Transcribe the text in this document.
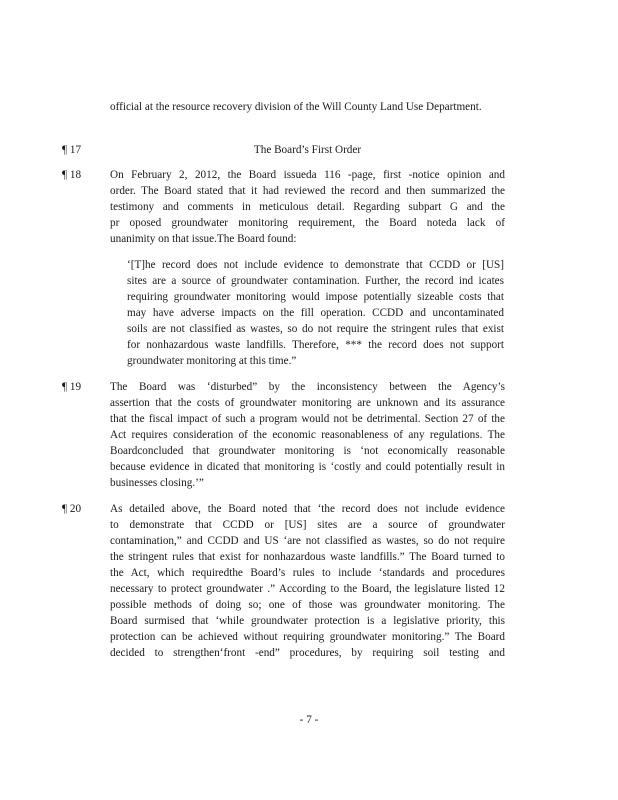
official at the resource recovery division of the Will County Land Use Department.
¶ 17	The Board’s First Order
¶ 18	On February 2, 2012, the Board issueda 116 -page, first -notice opinion and
order. The Board stated that it had reviewed the record and then summarized the
testimony and comments in meticulous detail. Regarding subpart G and the
pr oposed groundwater monitoring requirement, the Board noteda lack of
unanimity on that issue.The Board found:
‘[T]he record does not include evidence to demonstrate that CCDD or [US]
sites are a source of groundwater contamination. Further, the record ind icates
requiring groundwater monitoring would impose potentially sizeable costs that
may have adverse impacts on the fill operation. CCDD and uncontaminated
soils are not classified as wastes, so do not require the stringent rules that exist
for nonhazardous waste landfills. Therefore, *** the record does not support
groundwater monitoring at this time.”
¶ 19	The Board was ‘disturbed” by the inconsistency between the Agency’s
assertion that the costs of groundwater monitoring are unknown and its assurance
that the fiscal impact of such a program would not be detrimental. Section 27 of the
Act requires consideration of the economic reasonableness of any regulations. The
Boardconcluded that groundwater monitoring is ‘not economically reasonable
because evidence in dicated that monitoring is ‘costly and could potentially result in
businesses closing.’”
¶ 20	As detailed above, the Board noted that ‘the record does not include evidence
to demonstrate that CCDD or [US] sites are a source of groundwater
contamination,” and CCDD and US ‘are not classified as wastes, so do not require
the stringent rules that exist for nonhazardous waste landfills.” The Board turned to
the Act, which requiredthe Board’s rules to include ‘standards and procedures
necessary to protect groundwater .” According to the Board, the legislature listed 12
possible methods of doing so; one of those was groundwater monitoring. The
Board surmised that ‘while groundwater protection is a legislative priority, this
protection can be achieved without requiring groundwater monitoring.” The Board
decided to strengthen‘front -end” procedures, by requiring soil testing and
- 7 -
